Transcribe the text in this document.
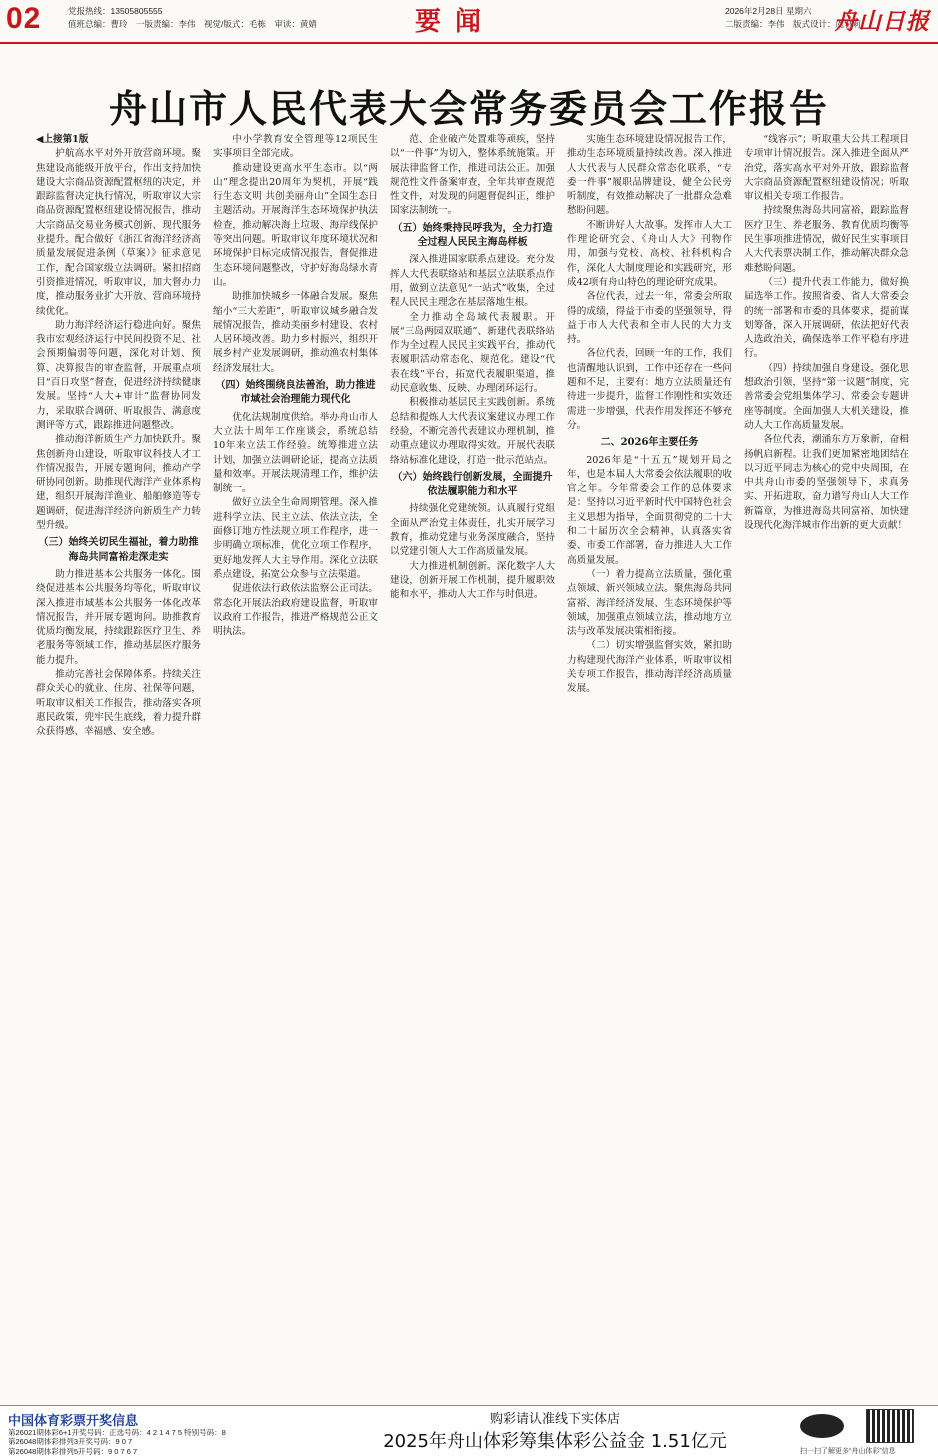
02	党报热线：13505805555
值班总编：曹玲　一版责编：李伟　视觉/版式：毛栋　审读：黄婧	要闻	2026年2月28日 星期六
二版责编：李伟　版式设计：虞君莉
舟山日报
舟山市人民代表大会常务委员会工作报告

◀上接第1版

护航高水平对外开放营商环境。聚焦建设高能级开放平台，作出支持加快建设大宗商品资源配置枢纽的决定，并跟踪监督决定执行情况，听取审议大宗商品资源配置枢纽建设情况报告，推动大宗商品交易业务模式创新、现代服务业提升。配合做好《浙江省海洋经济高质量发展促进条例（草案）》征求意见工作，配合国家级立法调研。紧扣招商引资推进情况，听取审议，加大督办力度，推动服务业扩大开放、营商环境持续优化。

助力海洋经济运行稳进向好。聚焦我市宏观经济运行中民间投资不足、社会预期偏弱等问题，深化对计划、预算、决算报告的审查监督，开展重点项目“百日攻坚”督查，促进经济持续健康发展。坚持“人大+审计”监督协同发力，采取联合调研、听取报告、满意度测评等方式，跟踪推进问题整改。

推动海洋新质生产力加快跃升。聚焦创新舟山建设，听取审议科技人才工作情况报告，开展专题询问，推动产学研协同创新。助推现代海洋产业体系构建，组织开展海洋渔业、船舶修造等专题调研，促进海洋经济向新质生产力转型升级。

（三）始终关切民生福祉，着力助推海岛共同富裕走深走实

助力推进基本公共服务一体化。围绕促进基本公共服务均等化，听取审议深入推进市域基本公共服务一体化改革情况报告，并开展专题询问。助推教育优质均衡发展，持续跟踪医疗卫生、养老服务等领域工作，推动基层医疗服务能力提升。

推动完善社会保障体系。持续关注群众关心的就业、住房、社保等问题，听取审议相关工作报告，推动落实各项惠民政策，兜牢民生底线，着力提升群众获得感、幸福感、安全感。

中小学教育安全管理等12项民生实事项目全部完成。

推动建设更高水平生态市。以“两山”理念提出20周年为契机，开展“践行生态文明 共创美丽舟山”全国生态日主题活动。开展海洋生态环境保护执法检查，推动解决海上垃圾、海岸线保护等突出问题。听取审议年度环境状况和环境保护目标完成情况报告，督促推进生态环境问题整改，守护好海岛绿水青山。

助推加快城乡一体融合发展。聚焦缩小“三大差距”，听取审议城乡融合发展情况报告，推动美丽乡村建设、农村人居环境改善。助力乡村振兴，组织开展乡村产业发展调研，推动渔农村集体经济发展壮大。

（四）始终围绕良法善治，助力推进市域社会治理能力现代化

优化法规制度供给。举办舟山市人大立法十周年工作座谈会，系统总结10年来立法工作经验。统筹推进立法计划，加强立法调研论证，提高立法质量和效率。开展法规清理工作，维护法制统一。

做好立法全生命周期管理。深入推进科学立法、民主立法、依法立法，全面修订地方性法规立项工作程序，进一步明确立项标准，优化立项工作程序，更好地发挥人大主导作用。深化立法联系点建设，拓宽公众参与立法渠道。

促进依法行政依法监察公正司法。常态化开展法治政府建设监督，听取审议政府工作报告，推进严格规范公正文明执法。

范、企业破产处置难等顽疾，坚持以“一件事”为切入，整体系统施策。开展法律监督工作，推进司法公正。加强规范性文件备案审查，全年共审查规范性文件，对发现的问题督促纠正，维护国家法制统一。

（五）始终秉持民呼我为，全力打造全过程人民民主海岛样板

深入推进国家联系点建设。充分发挥人大代表联络站和基层立法联系点作用，做到立法意见“一站式”收集，全过程人民民主理念在基层落地生根。

全力推动全岛域代表履职。开展“三岛两园双联通”、新建代表联络站作为全过程人民民主实践平台，推动代表履职活动常态化、规范化。建设“代表在线”平台，拓宽代表履职渠道，推动民意收集、反映、办理闭环运行。

积极推动基层民主实践创新。系统总结和提炼人大代表议案建议办理工作经验，不断完善代表建议办理机制，推动重点建议办理取得实效。开展代表联络站标准化建设，打造一批示范站点。

（六）始终践行创新发展，全面提升依法履职能力和水平

持续强化党建统领。认真履行党组全面从严治党主体责任，扎实开展学习教育，推动党建与业务深度融合，坚持以党建引领人大工作高质量发展。

大力推进机制创新。深化数字人大建设，创新开展工作机制，提升履职效能和水平，推动人大工作与时俱进。

实施生态环境建设情况报告工作，推动生态环境质量持续改善。深入推进人大代表与人民群众常态化联系，“专委一件事”履职品牌建设，健全公民旁听制度，有效推动解决了一批群众急难愁盼问题。

不断讲好人大故事。发挥市人大工作理论研究会、《舟山人大》刊物作用，加强与党校、高校、社科机构合作，深化人大制度理论和实践研究，形成42项有舟山特色的理论研究成果。

各位代表，过去一年，常委会所取得的成绩，得益于市委的坚强领导，得益于市人大代表和全市人民的大力支持。

各位代表，回顾一年的工作，我们也清醒地认识到，工作中还存在一些问题和不足，主要有：地方立法质量还有待进一步提升，监督工作刚性和实效还需进一步增强，代表作用发挥还不够充分。

二、2026年主要任务

2026年是“十五五”规划开局之年，也是本届人大常委会依法履职的收官之年。今年常委会工作的总体要求是：坚持以习近平新时代中国特色社会主义思想为指导，全面贯彻党的二十大和二十届历次全会精神，认真落实省委、市委工作部署，奋力推进人大工作高质量发展。

（一）着力提高立法质量，强化重点领域、新兴领域立法。聚焦海岛共同富裕、海洋经济发展、生态环境保护等领域，加强重点领域立法，推动地方立法与改革发展决策相衔接。

（二）切实增强监督实效，紧扣助力构建现代海洋产业体系，听取审议相关专项工作报告，推动海洋经济高质量发展。

“线容示”；听取重大公共工程项目专项审计情况报告。深入推进全面从严治党，落实高水平对外开放，跟踪监督大宗商品资源配置枢纽建设情况；听取审议相关专项工作报告。

持续聚焦海岛共同富裕，跟踪监督医疗卫生、养老服务、教育优质均衡等民生事项推进情况，做好民生实事项目人大代表票决制工作，推动解决群众急难愁盼问题。

（三）提升代表工作能力，做好换届选举工作。按照省委、省人大常委会的统一部署和市委的具体要求，提前谋划筹备，深入开展调研，依法把好代表人选政治关，确保选举工作平稳有序进行。

（四）持续加强自身建设。强化思想政治引领，坚持“第一议题”制度，完善常委会党组集体学习、常委会专题讲座等制度。全面加强人大机关建设，推动人大工作高质量发展。

各位代表，潮涌东方万象新，奋楫扬帆启新程。让我们更加紧密地团结在以习近平同志为核心的党中央周围，在中共舟山市委的坚强领导下，求真务实、开拓进取，奋力谱写舟山人大工作新篇章，为推进海岛共同富裕、加快建设现代化海洋城市作出新的更大贡献！

中国体育彩票开奖信息
第26021期体彩6+1开奖号码：正选号码：4 2 1 4 7 5 特别号码：8
第26048期体彩排列3开奖号码：9 0 7
第26048期体彩排列5开号码：9 0 7 6 7
购彩请认准线下实体店
2025年舟山体彩筹集体彩公益金 1.51亿元	扫一扫了解更多“舟山体彩”信息
